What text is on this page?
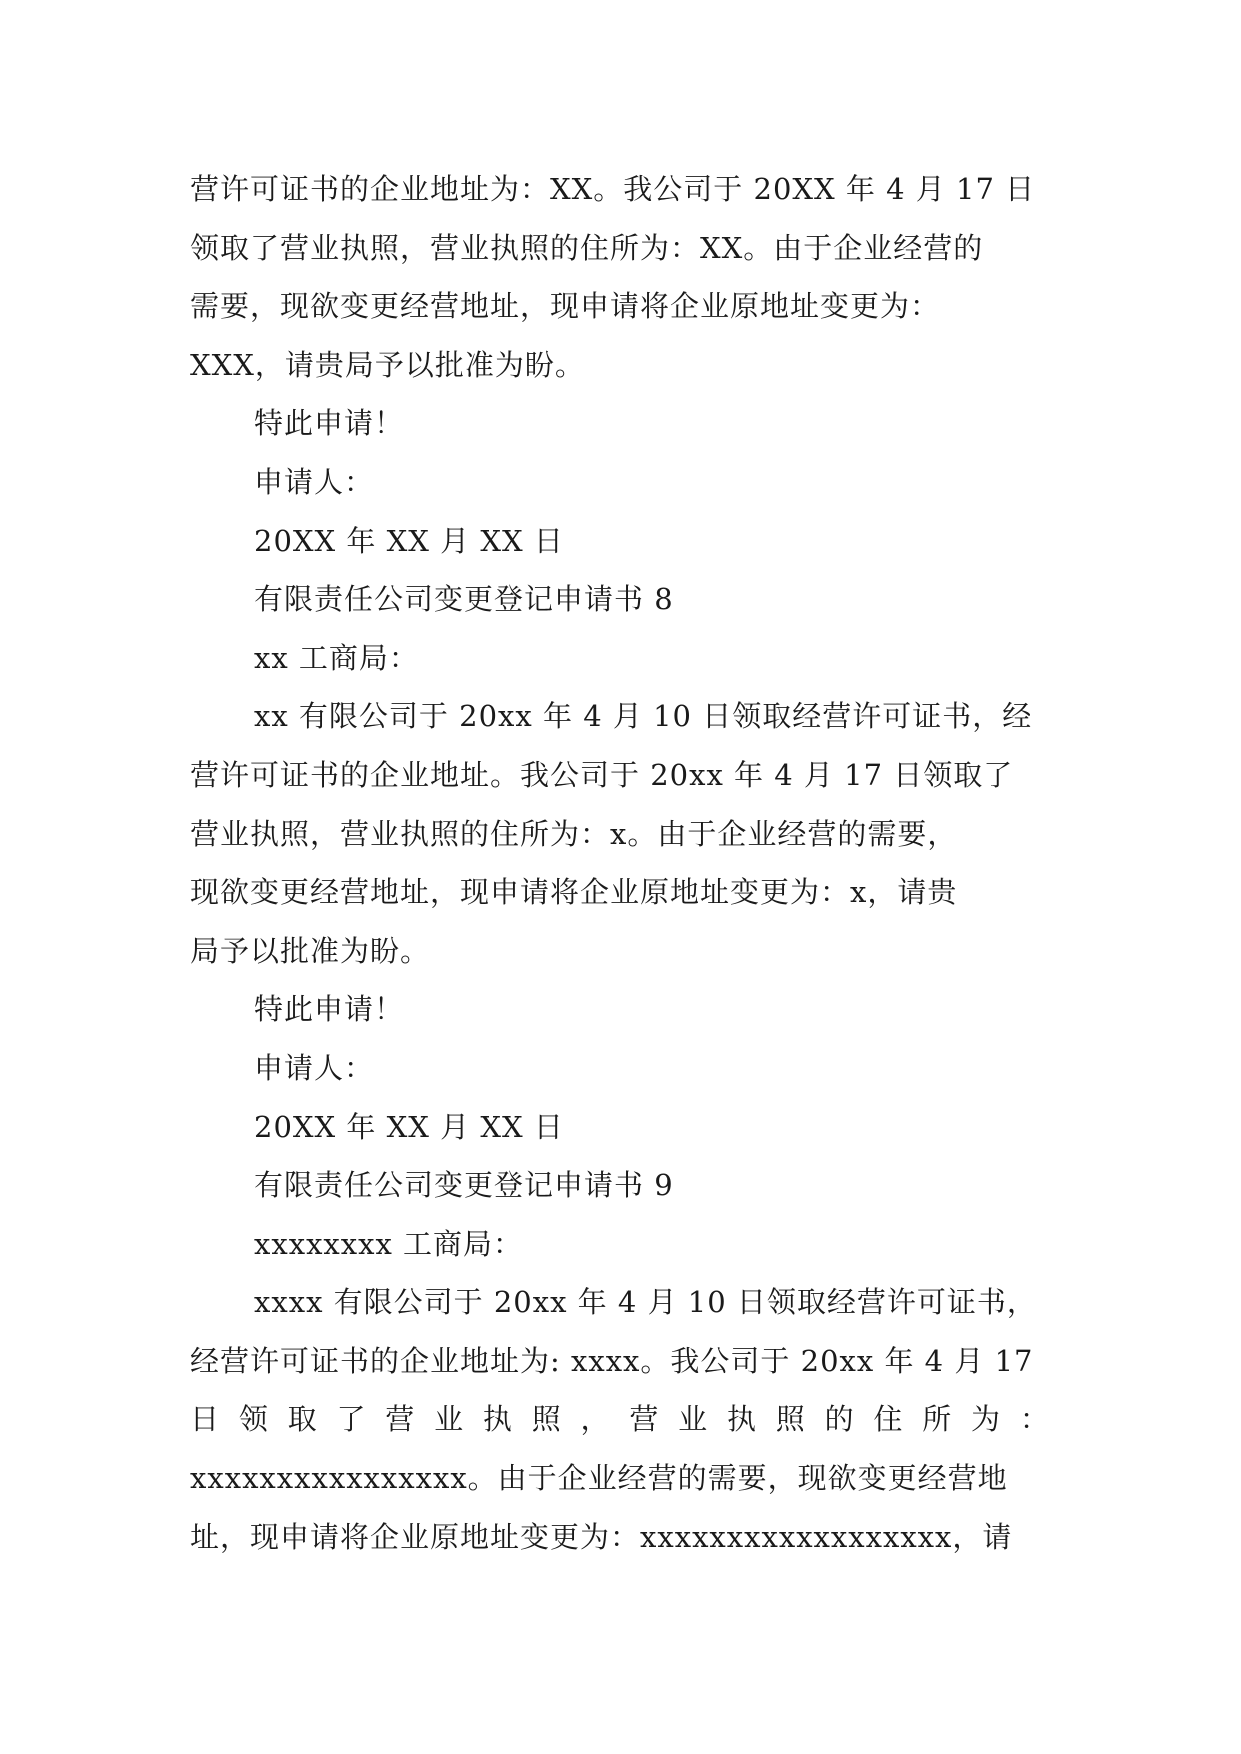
营许可证书的企业地址为：XX。我公司于 20XX 年 4 月 17 日
领取了营业执照，营业执照的住所为：XX。由于企业经营的
需要，现欲变更经营地址，现申请将企业原地址变更为：
XXX，请贵局予以批准为盼。
特此申请！
申请人：
20XX 年 XX 月 XX 日
有限责任公司变更登记申请书 8
xx 工商局：
xx 有限公司于 20xx 年 4 月 10 日领取经营许可证书，经
营许可证书的企业地址。我公司于 20xx 年 4 月 17 日领取了
营业执照，营业执照的住所为：x。由于企业经营的需要，
现欲变更经营地址，现申请将企业原地址变更为：x，请贵
局予以批准为盼。
特此申请！
申请人：
20XX 年 XX 月 XX 日
有限责任公司变更登记申请书 9
xxxxxxxx 工商局：
xxxx 有限公司于 20xx 年 4 月 10 日领取经营许可证书，
经营许可证书的企业地址为: xxxx。我公司于 20xx 年 4 月 17
日 领 取 了 营 业 执 照 ， 营 业 执 照 的 住 所 为 ：
xxxxxxxxxxxxxxxx。由于企业经营的需要，现欲变更经营地
址，现申请将企业原地址变更为：xxxxxxxxxxxxxxxxxx，请
